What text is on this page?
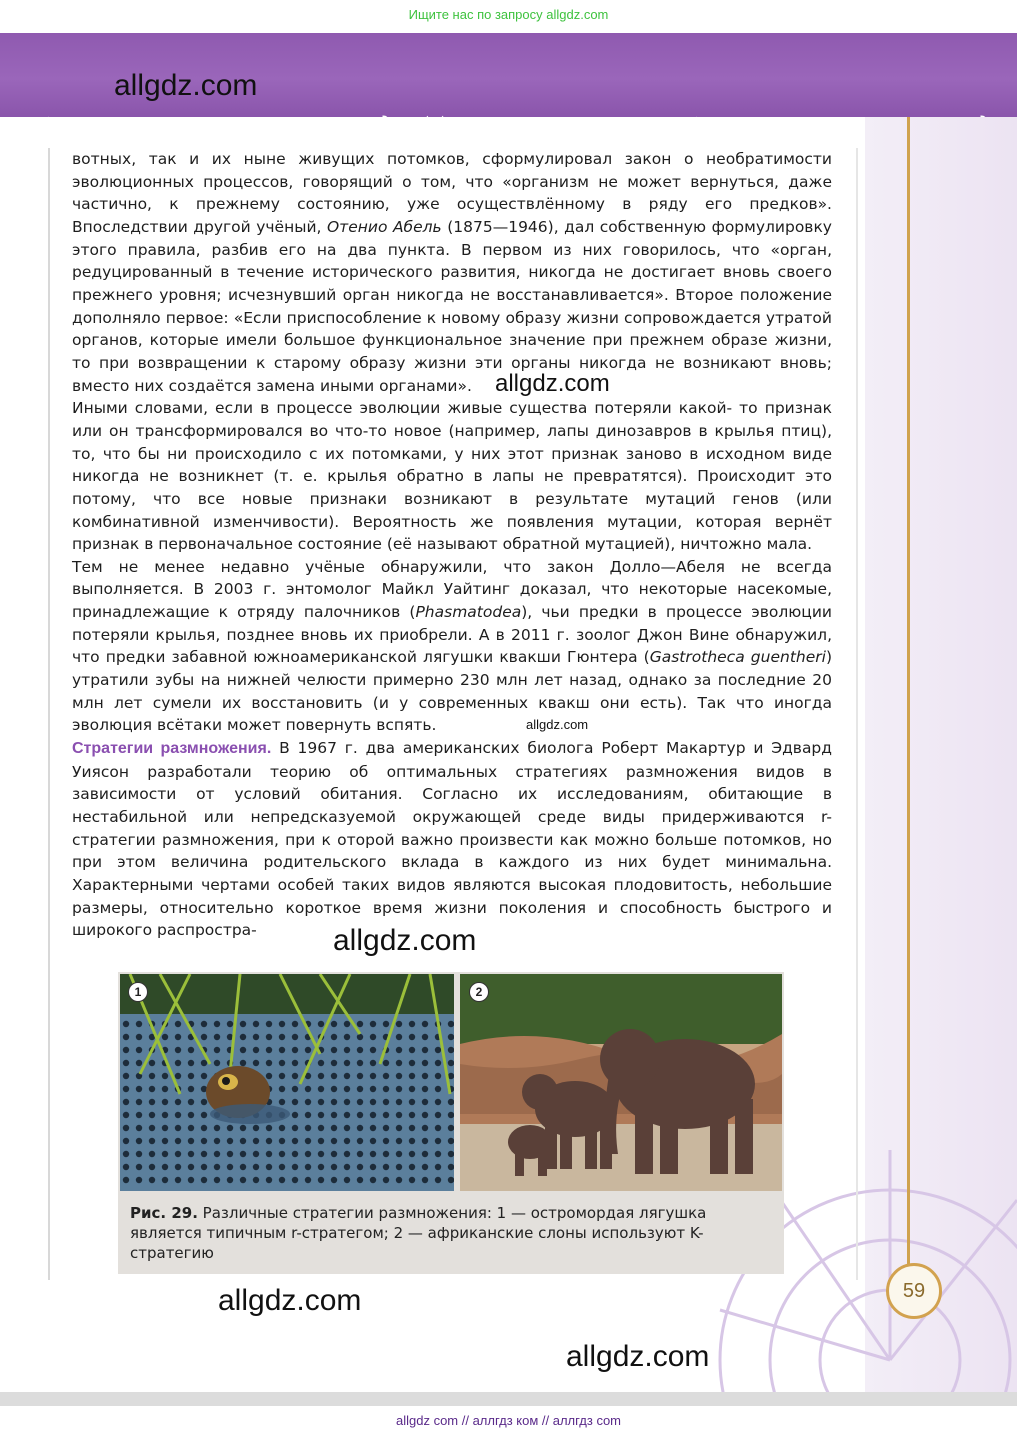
Ищите нас по запросу allgdz.com
allgdz.com
59

вотных, так и их ныне живущих потомков, сформулировал закон о необратимости эволюционных процессов, говорящий о том, что «организм не может вернуться, даже частично, к прежнему состоянию, уже осуществлённому в ряду его предков». Впоследствии другой учёный, Отенио Абель (1875—1946), дал собственную формулировку этого правила, разбив его на два пункта. В первом из них говорилось, что «орган, редуцированный в течение исторического развития, никогда не достигает вновь своего прежнего уровня; исчезнувший орган никогда не восстанавливается». Второе положение дополняло первое: «Если приспособление к новому образу жизни сопровождается утратой органов, которые имели большое функциональное значение при прежнем образе жизни, то при возвращении к старому образу жизни эти органы никогда не возникают вновь; вместо них создаётся замена иными органами».

Иными словами, если в процессе эволюции живые существа потеряли какой- то признак или он трансформировался во что-то новое (например, лапы динозавров в крылья птиц), то, что бы ни происходило с их потомками, у них этот признак заново в исходном виде никогда не возникнет (т. е. крылья обратно в лапы не превратятся). Происходит это потому, что все новые признаки возникают в результате мутаций генов (или комбинативной изменчивости). Вероятность же появления мутации, которая вернёт признак в первоначальное состояние (её называют обратной мутацией), ничтожно мала.

Тем не менее недавно учёные обнаружили, что закон Долло—Абеля не всегда выполняется. В 2003 г. энтомолог Майкл Уайтинг доказал, что некоторые насекомые, принадлежащие к отряду палочников (Phasmatodea), чьи предки в процессе эволюции потеряли крылья, позднее вновь их приобрели. А в 2011 г. зоолог Джон Вине обнаружил, что предки забавной южноамериканской лягушки квакши Гюнтера (Gastrotheca guentheri) утратили зубы на нижней челюсти примерно 230 млн лет назад, однако за последние 20 млн лет сумели их восстановить (и у современных квакш они есть). Так что иногда эволюция всётаки может повернуть вспять.

Стратегии размножения. В 1967 г. два американских биолога Роберт Макартур и Эдвард Уиясон разработали теорию об оптимальных стратегиях размножения видов в зависимости от условий обитания. Согласно их исследованиям, обитающие в нестабильной или непредсказуемой окружающей среде виды придерживаются r-стратегии размножения, при к оторой важно произвести как можно больше потомков, но при этом величина родительского вклада в каждого из них будет минимальна. Характерными чертами особей таких видов являются высокая плодовитость, небольшие размеры, относительно короткое время жизни поколения и способность быстрого и широкого распростра-

allgdz.com
allgdz.com
allgdz.com
allgdz.com
allgdz.com
1	2
Рис. 29. Различные стратегии размножения: 1 — остромордая лягушка является типичным r-стратегом; 2 — африканские слоны используют K-стратегию
allgdz com // аллгдз ком // аллгдз com
